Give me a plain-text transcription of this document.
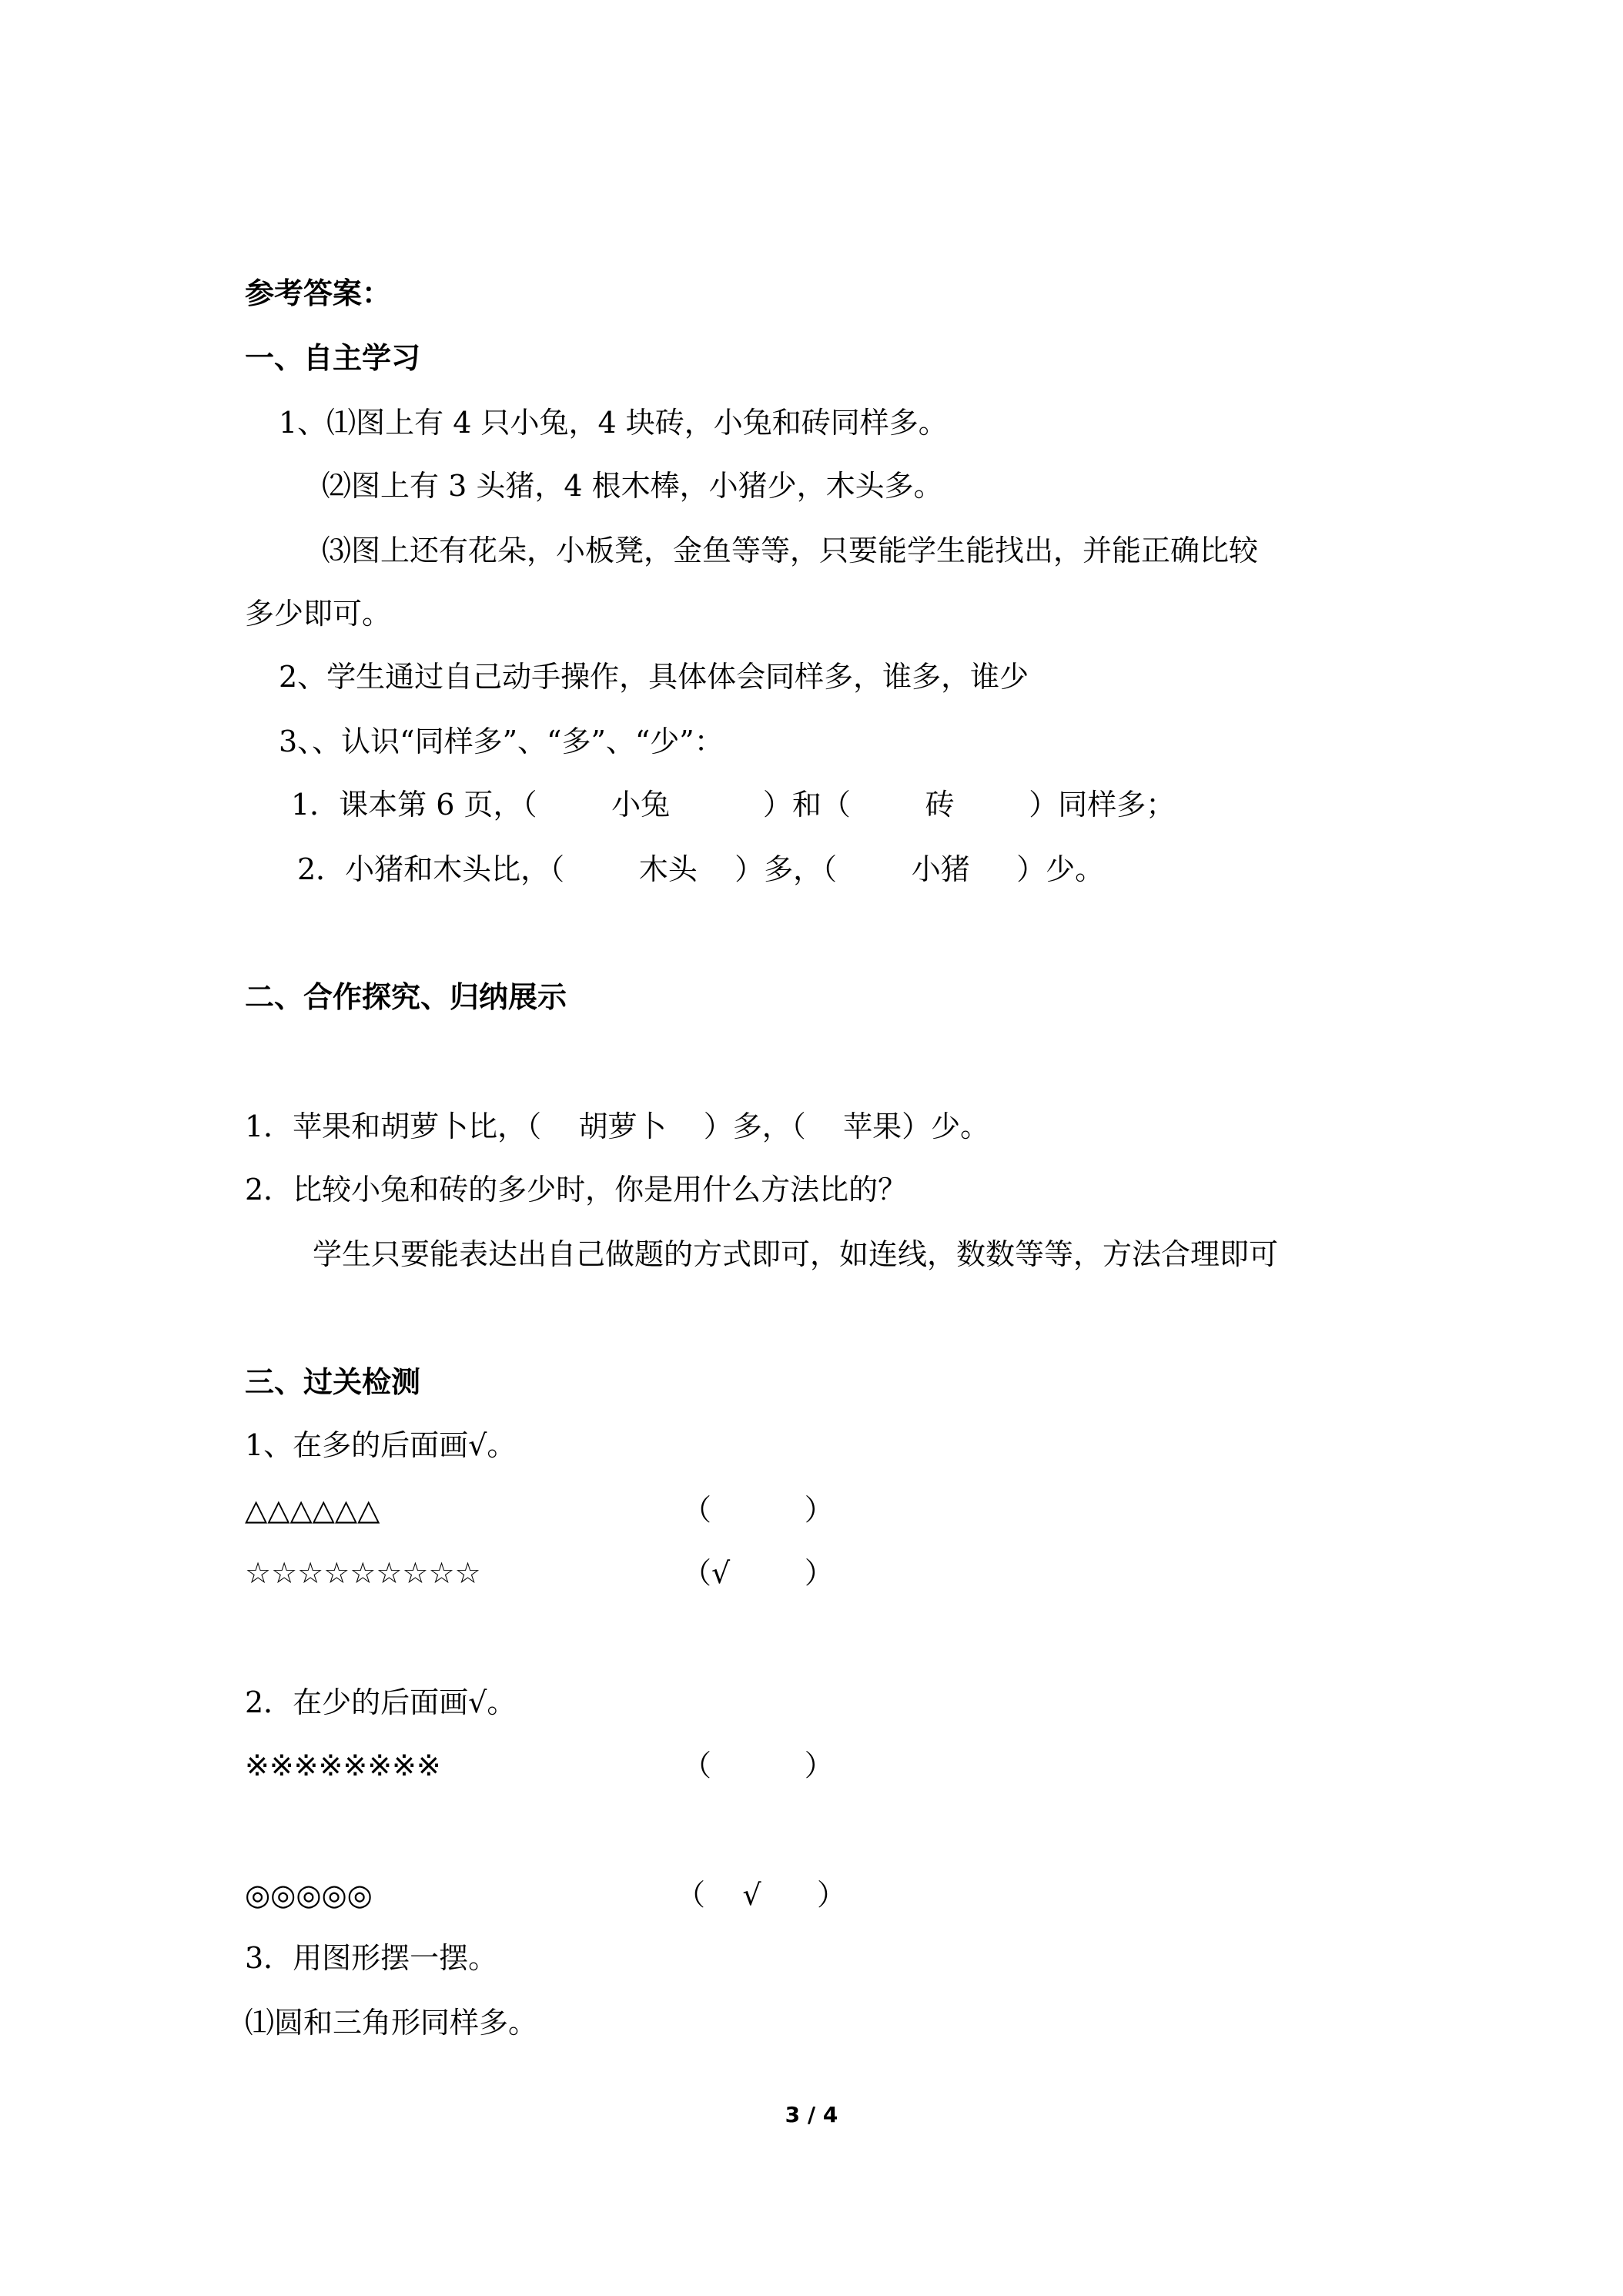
参考答案：
一、自主学习
1、⑴图上有 4 只小兔，4 块砖，小兔和砖同样多。
⑵图上有 3 头猪，4 根木棒，小猪少，木头多。
⑶图上还有花朵，小板凳，金鱼等等，只要能学生能找出，并能正确比较
多少即可。
2、学生通过自己动手操作，具体体会同样多，谁多，谁少
3、、认识“同样多”、“多”、“少”：
1．课本第 6 页，（        小兔          ）和（        砖        ）同样多；
2．小猪和木头比，（        木头    ）多，（        小猪     ）少。
二、合作探究、归纳展示
1．苹果和胡萝卜比，（    胡萝卜    ）多，（    苹果）少。
2．比较小兔和砖的多少时，你是用什么方法比的？
学生只要能表达出自己做题的方式即可，如连线，数数等等，方法合理即可
三、过关检测
1、在多的后面画√。
△△△△△△	（          ）
☆☆☆☆☆☆☆☆☆	（√        ）
2．在少的后面画√。
※※※※※※※※	（          ）
◎◎◎◎◎	（    √      ）
3．用图形摆一摆。
⑴圆和三角形同样多。
3 / 4
